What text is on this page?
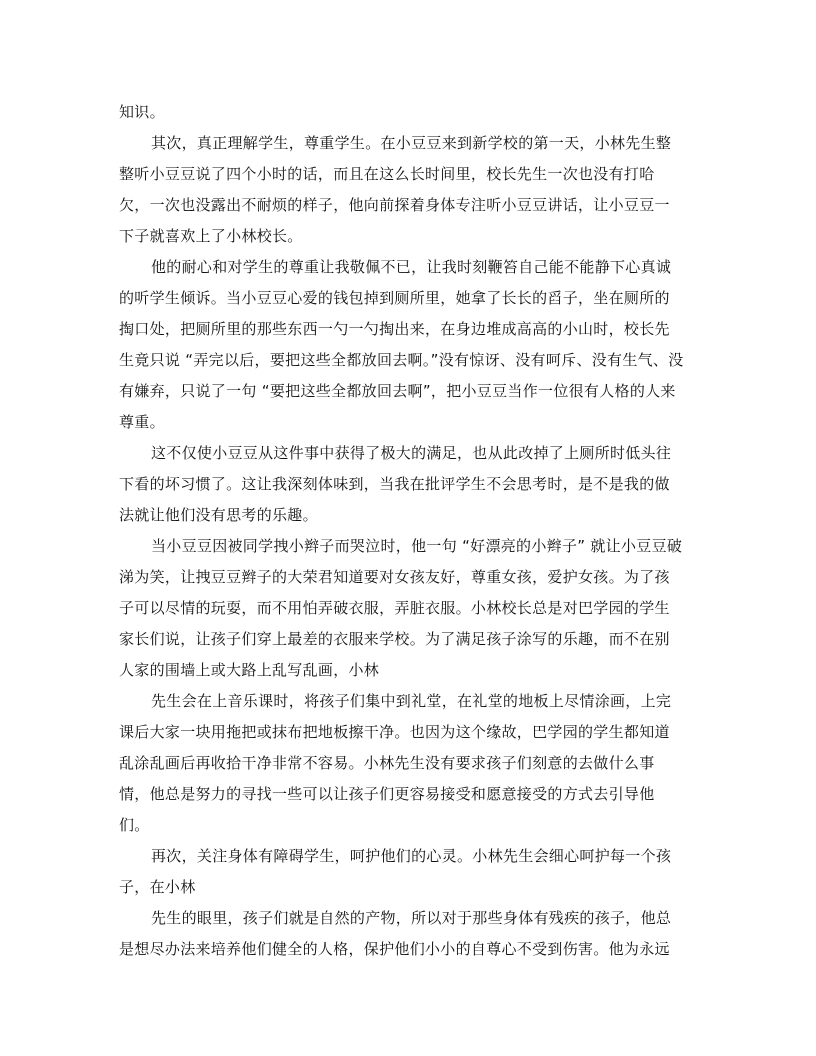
知识。

其次，真正理解学生，尊重学生。在小豆豆来到新学校的第一天，小林先生整整听小豆豆说了四个小时的话，而且在这么长时间里，校长先生一次也没有打哈欠，一次也没露出不耐烦的样子，他向前探着身体专注听小豆豆讲话，让小豆豆一下子就喜欢上了小林校长。

他的耐心和对学生的尊重让我敬佩不已，让我时刻鞭笞自己能不能静下心真诚的听学生倾诉。当小豆豆心爱的钱包掉到厕所里，她拿了长长的舀子，坐在厕所的掏口处，把厕所里的那些东西一勺一勺掏出来，在身边堆成高高的小山时，校长先生竟只说 “弄完以后，要把这些全都放回去啊。”没有惊讶、没有呵斥、没有生气、没有嫌弃，只说了一句 “要把这些全都放回去啊”，把小豆豆当作一位很有人格的人来尊重。

这不仅使小豆豆从这件事中获得了极大的满足，也从此改掉了上厕所时低头往下看的坏习惯了。这让我深刻体味到，当我在批评学生不会思考时，是不是我的做法就让他们没有思考的乐趣。

当小豆豆因被同学拽小辫子而哭泣时，他一句 “好漂亮的小辫子” 就让小豆豆破涕为笑，让拽豆豆辫子的大荣君知道要对女孩友好，尊重女孩，爱护女孩。为了孩子可以尽情的玩耍，而不用怕弄破衣服，弄脏衣服。小林校长总是对巴学园的学生家长们说，让孩子们穿上最差的衣服来学校。为了满足孩子涂写的乐趣，而不在别人家的围墙上或大路上乱写乱画，小林

先生会在上音乐课时，将孩子们集中到礼堂，在礼堂的地板上尽情涂画，上完课后大家一块用拖把或抹布把地板擦干净。也因为这个缘故，巴学园的学生都知道乱涂乱画后再收拾干净非常不容易。小林先生没有要求孩子们刻意的去做什么事情，他总是努力的寻找一些可以让孩子们更容易接受和愿意接受的方式去引导他们。

再次，关注身体有障碍学生，呵护他们的心灵。小林先生会细心呵护每一个孩子，在小林

先生的眼里，孩子们就是自然的产物，所以对于那些身体有残疾的孩子，他总是想尽办法来培养他们健全的人格，保护他们小小的自尊心不受到伤害。他为永远
